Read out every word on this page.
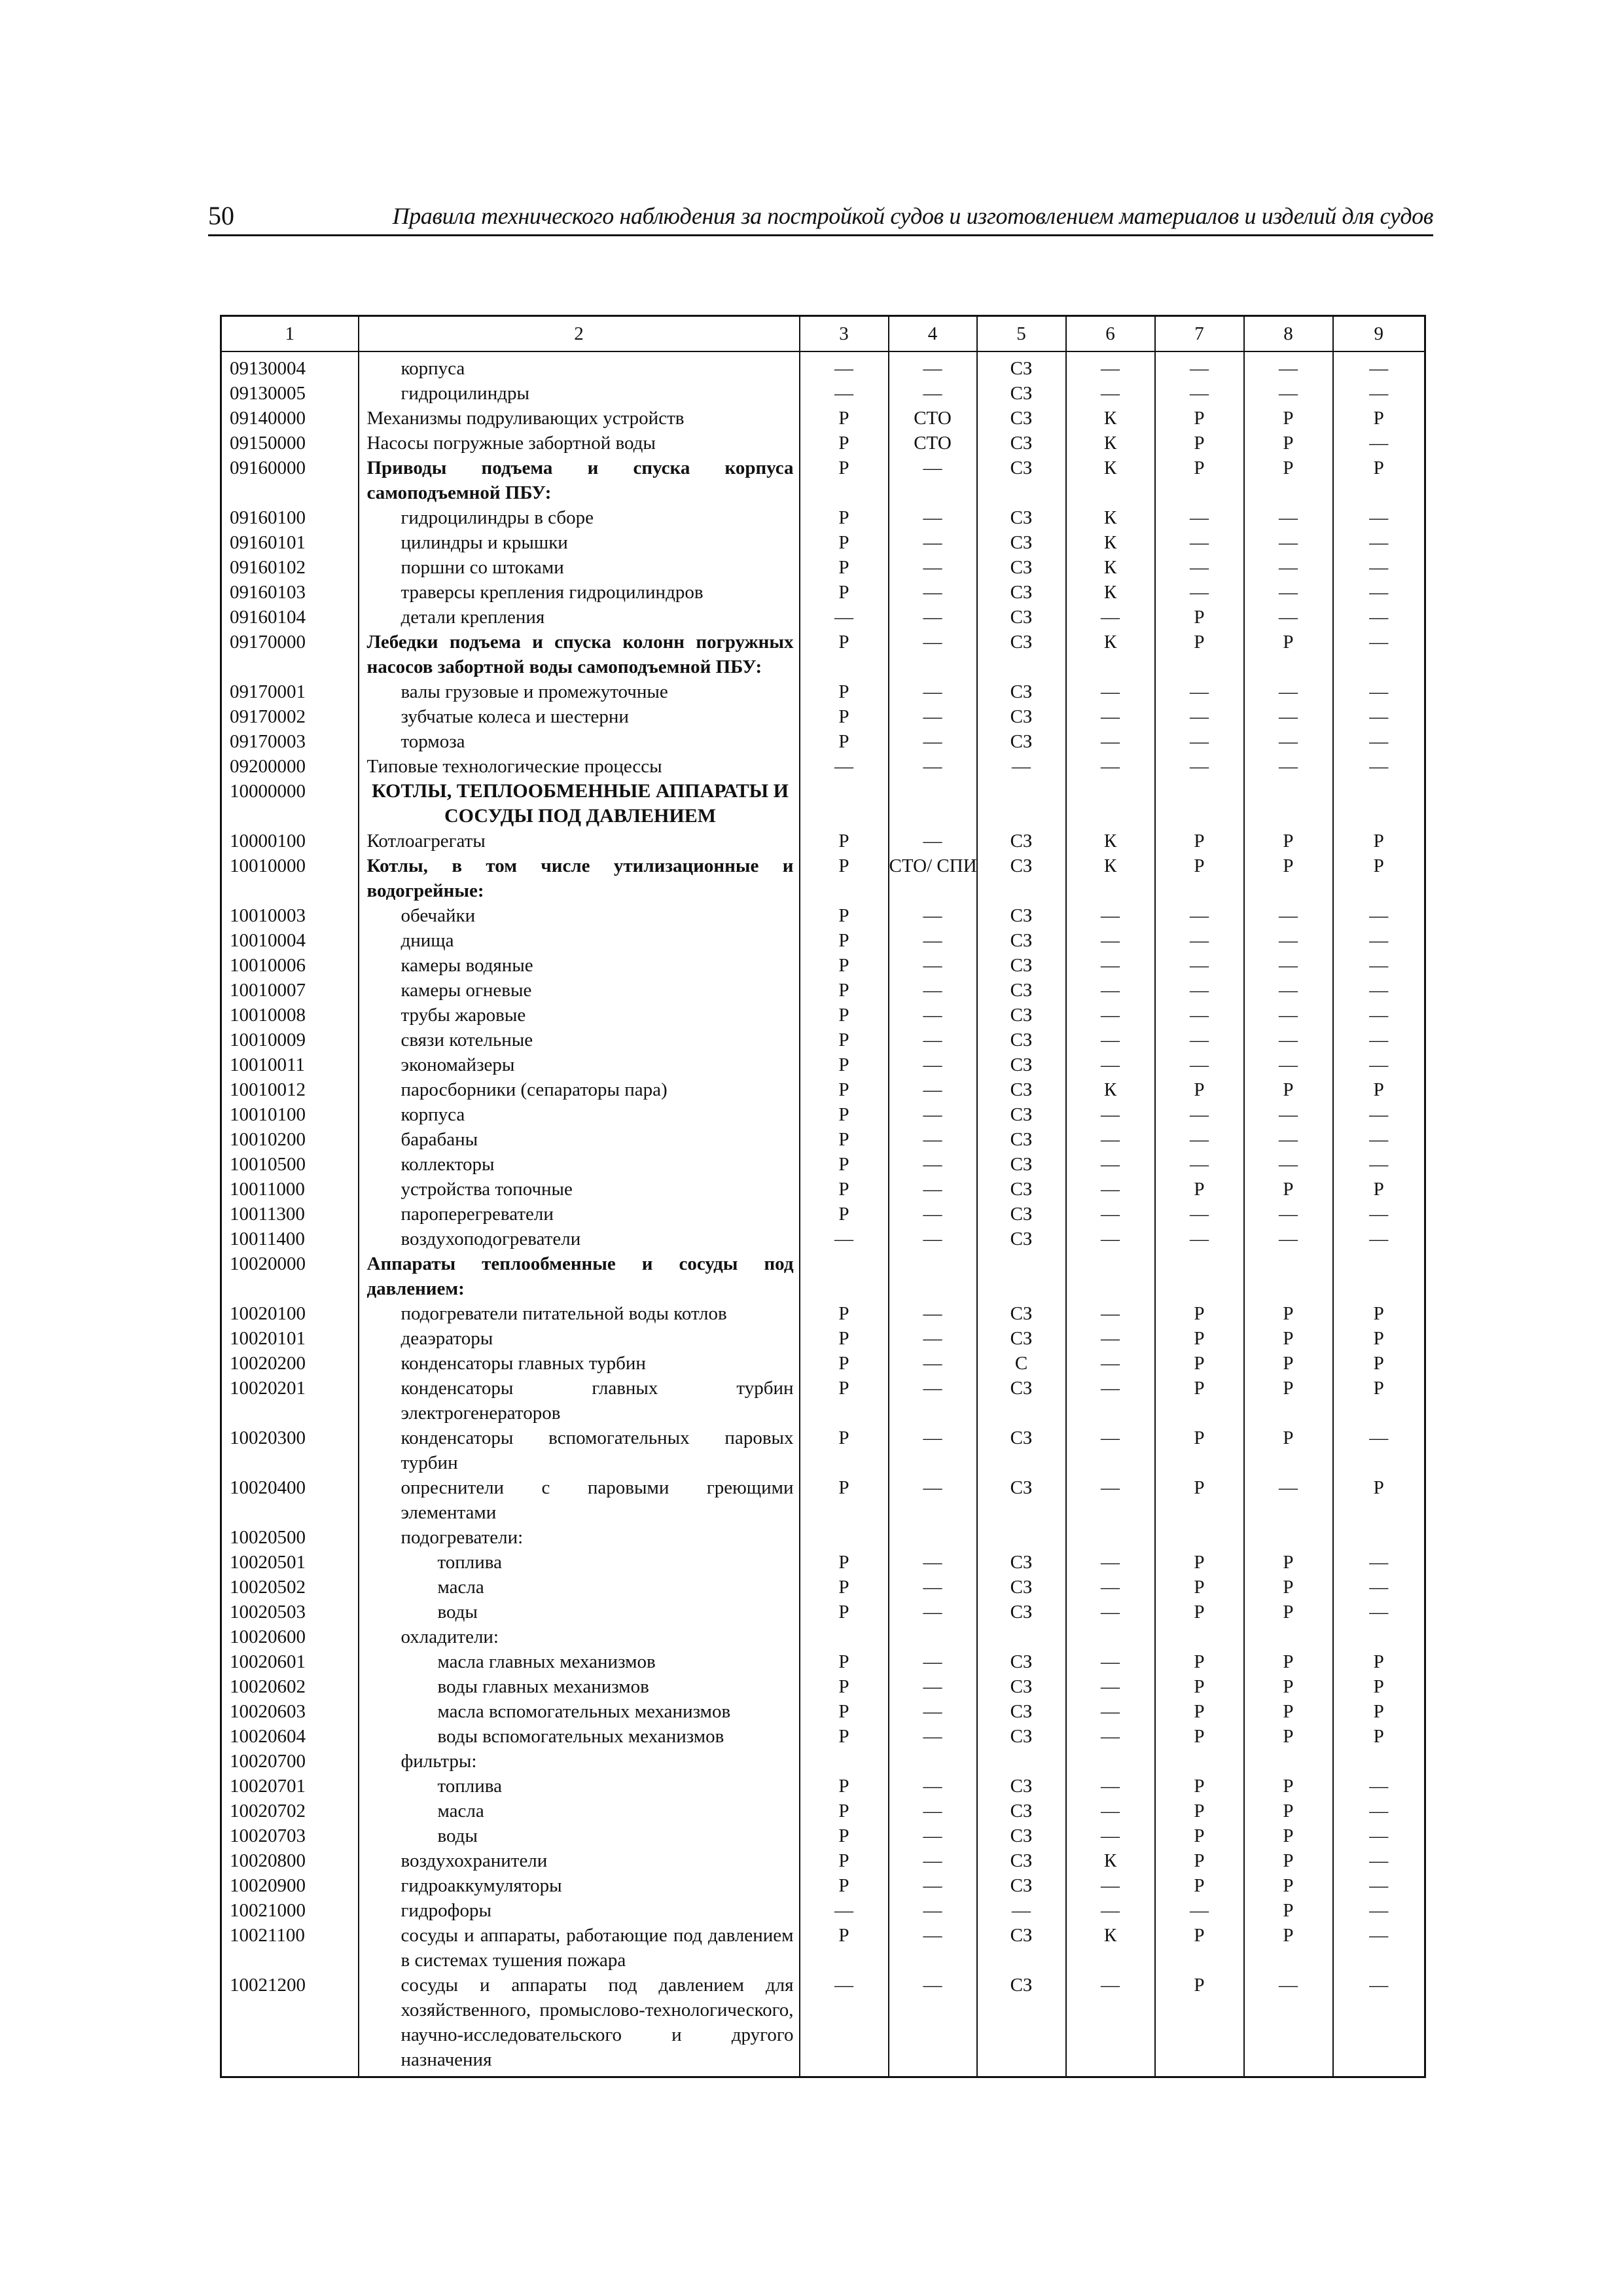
50	Правила технического наблюдения за постройкой судов и изготовлением материалов и изделий для судов
1	2	3	4	5	6	7	8	9
09130004	корпуса	—	—	СЗ	—	—	—	—
09130005	гидроцилиндры	—	—	СЗ	—	—	—	—
09140000	Механизмы подруливающих устройств	Р	СТО	СЗ	К	Р	Р	Р
09150000	Насосы погружные забортной воды	Р	СТО	СЗ	К	Р	Р	—
09160000	Приводы подъема и спуска корпуса самоподъемной ПБУ:	Р	—	СЗ	К	Р	Р	Р
09160100	гидроцилиндры в сборе	Р	—	СЗ	К	—	—	—
09160101	цилиндры и крышки	Р	—	СЗ	К	—	—	—
09160102	поршни со штоками	Р	—	СЗ	К	—	—	—
09160103	траверсы крепления гидроцилиндров	Р	—	СЗ	К	—	—	—
09160104	детали крепления	—	—	СЗ	—	Р	—	—
09170000	Лебедки подъема и спуска колонн погружных насосов забортной воды самоподъемной ПБУ:	Р	—	СЗ	К	Р	Р	—
09170001	валы грузовые и промежуточные	Р	—	СЗ	—	—	—	—
09170002	зубчатые колеса и шестерни	Р	—	СЗ	—	—	—	—
09170003	тормоза	Р	—	СЗ	—	—	—	—
09200000	Типовые технологические процессы	—	—	—	—	—	—	—
10000000	КОТЛЫ, ТЕПЛООБМЕННЫЕ АППАРАТЫ И СОСУДЫ ПОД ДАВЛЕНИЕМ							
10000100	Котлоагрегаты	Р	—	СЗ	К	Р	Р	Р
10010000	Котлы, в том числе утилизационные и водогрейные:	Р	СТО/ СПИ	СЗ	К	Р	Р	Р
10010003	обечайки	Р	—	СЗ	—	—	—	—
10010004	днища	Р	—	СЗ	—	—	—	—
10010006	камеры водяные	Р	—	СЗ	—	—	—	—
10010007	камеры огневые	Р	—	СЗ	—	—	—	—
10010008	трубы жаровые	Р	—	СЗ	—	—	—	—
10010009	связи котельные	Р	—	СЗ	—	—	—	—
10010011	экономайзеры	Р	—	СЗ	—	—	—	—
10010012	паросборники (сепараторы пара)	Р	—	СЗ	К	Р	Р	Р
10010100	корпуса	Р	—	СЗ	—	—	—	—
10010200	барабаны	Р	—	СЗ	—	—	—	—
10010500	коллекторы	Р	—	СЗ	—	—	—	—
10011000	устройства топочные	Р	—	СЗ	—	Р	Р	Р
10011300	пароперегреватели	Р	—	СЗ	—	—	—	—
10011400	воздухоподогреватели	—	—	СЗ	—	—	—	—
10020000	Аппараты теплообменные и сосуды под давлением:							
10020100	подогреватели питательной воды котлов	Р	—	СЗ	—	Р	Р	Р
10020101	деаэраторы	Р	—	СЗ	—	Р	Р	Р
10020200	конденсаторы главных турбин	Р	—	С	—	Р	Р	Р
10020201	конденсаторы главных турбин электрогенераторов	Р	—	СЗ	—	Р	Р	Р
10020300	конденсаторы вспомогательных паровых турбин	Р	—	СЗ	—	Р	Р	—
10020400	опреснители с паровыми греющими элементами	Р	—	СЗ	—	Р	—	Р
10020500	подогреватели:							
10020501	топлива	Р	—	СЗ	—	Р	Р	—
10020502	масла	Р	—	СЗ	—	Р	Р	—
10020503	воды	Р	—	СЗ	—	Р	Р	—
10020600	охладители:							
10020601	масла главных механизмов	Р	—	СЗ	—	Р	Р	Р
10020602	воды главных механизмов	Р	—	СЗ	—	Р	Р	Р
10020603	масла вспомогательных механизмов	Р	—	СЗ	—	Р	Р	Р
10020604	воды вспомогательных механизмов	Р	—	СЗ	—	Р	Р	Р
10020700	фильтры:							
10020701	топлива	Р	—	СЗ	—	Р	Р	—
10020702	масла	Р	—	СЗ	—	Р	Р	—
10020703	воды	Р	—	СЗ	—	Р	Р	—
10020800	воздухохранители	Р	—	СЗ	К	Р	Р	—
10020900	гидроаккумуляторы	Р	—	СЗ	—	Р	Р	—
10021000	гидрофоры	—	—	—	—	—	Р	—
10021100	сосуды и аппараты, работающие под давлением в системах тушения пожара	Р	—	СЗ	К	Р	Р	—
10021200	сосуды и аппараты под давлением для хозяйственного, промыслово-технологического, научно-исследовательского и другого назначения	—	—	СЗ	—	Р	—	—
